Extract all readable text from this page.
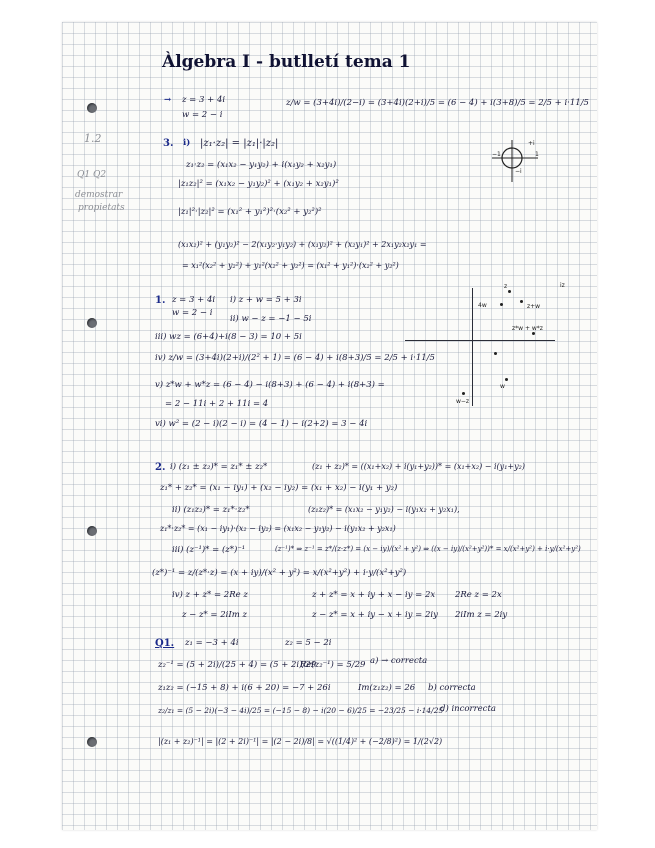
1.2
Q1 Q2
demostrar
propietats
Àlgebra I - butlletí tema 1
→ z = 3 + 4i
w = 2 − i
z/w = (3+4i)/(2−i) = (3+4i)(2+i)/5 = (6 − 4) + i(3+8)/5 = 2/5 + i·11/5
3. i) |z₁·z₂| = |z₁|·|z₂|
z₁·z₂ = (x₁x₂ − y₁y₂) + i(x₁y₂ + x₂y₁)
|z₁z₂|² = (x₁x₂ − y₁y₂)² + (x₁y₂ + x₂y₁)²
|z₁|²·|z₂|² = (x₁² + y₁²)²·(x₂² + y₂²)²
(x₁x₂)² + (y₁y₂)² − 2(x₁y₂·y₁y₂) + (x₁y₂)² + (x₂y₁)² + 2x₁y₂x₂y₁ =
= x₁²(x₂² + y₂²) + y₁²(x₂² + y₂²) = (x₁² + y₁²)·(x₂² + y₂²)
1
−1
+i
−i
1. z = 3 + 4i
w = 2 − i
i) z + w = 5 + 3i
ii) w − z = −1 − 5i
iii) wz = (6+4)+i(8 − 3) = 10 + 5i
iv) z/w = (3+4i)(2+i)/(2² + 1) = (6 − 4) + i(8+3)/5 = 2/5 + i·11/5
v) z*w + w*z = (6 − 4) − i(8+3) + (6 − 4) + i(8+3) =
= 2 − 11i + 2 + 11i = 4
vi) w² = (2 − i)(2 − i) = (4 − 1) − i(2+2) = 3 − 4i
4w
z
z+w
z*w + w*z
w
w−z
iz
2. i) (z₁ ± z₂)* = z₁* ± z₂*	(z₁ + z₂)* = ((x₁+x₂) + i(y₁+y₂))* = (x₁+x₂) − i(y₁+y₂)
z₁* + z₂* = (x₁ − iy₁) + (x₂ − iy₂) = (x₁ + x₂) − i(y₁ + y₂)
ii) (z₁z₂)* = z₁*·z₂*	(z₁z₂)* = (x₁x₂ − y₁y₂) − i(y₁x₂ + y₂x₁),
z₁*·z₂* = (x₁ − iy₁)·(x₂ − iy₂) = (x₁x₂ − y₁y₂) − i(y₁x₂ + y₂x₁)
iii) (z⁻¹)* = (z*)⁻¹	(z⁻¹)* ⇒ z⁻¹ = z*/(z·z*) = (x − iy)/(x² + y²) ⇒ ((x − iy)/(x²+y²))* = x/(x²+y²) + i·y/(x²+y²)
(z*)⁻¹ = z/(z*·z) = (x + iy)/(x² + y²) = x/(x²+y²) + i·y/(x²+y²)
iv) z + z* = 2Re z	z + z* = x + iy + x − iy = 2x 2Re z = 2x
z − z* = 2iIm z	z − z* = x + iy − x + iy = 2iy 2iIm z = 2iy
Q1. z₁ = −3 + 4i	z₂ = 5 − 2i
z₂⁻¹ = (5 + 2i)/(25 + 4) = (5 + 2i)/29
Re(z₂⁻¹) = 5/29 a) → correcta
z₁z₂ = (−15 + 8) + i(6 + 20) = −7 + 26i	Im(z₁z₂) = 26 b) correcta
z₂/z₁ = (5 − 2i)(−3 − 4i)/25 = (−15 − 8) − i(20 − 6)/25 = −23/25 − i·14/25
d) incorrecta
|(z₁ + z₂)⁻¹| = |(2 + 2i)⁻¹| = |(2 − 2i)/8| = √((1/4)² + (−2/8)²) = 1/(2√2)
